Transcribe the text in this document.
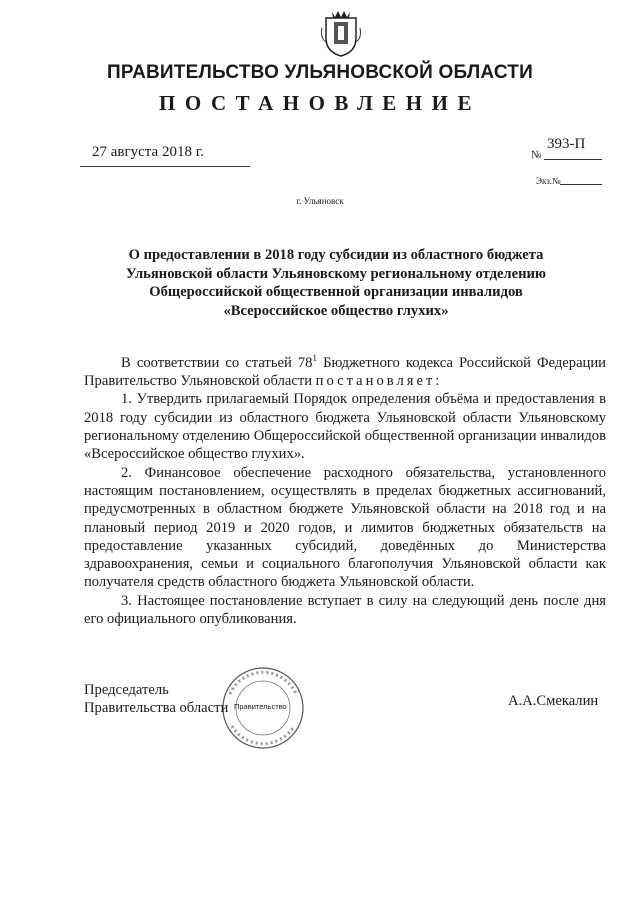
ПРАВИТЕЛЬСТВО УЛЬЯНОВСКОЙ ОБЛАСТИ
ПОСТАНОВЛЕНИЕ
27 августа 2018 г.	№
393-П
Экз.№
г. Ульяновск
О предоставлении в 2018 году субсидии из областного бюджета
Ульяновской области Ульяновскому региональному отделению
Общероссийской общественной организации инвалидов
«Всероссийское общество глухих»

В соответствии со статьей $78^1$ Бюджетного кодекса Российской Федерации Правительство Ульяновской области постановляет:

1. Утвердить прилагаемый Порядок определения объёма и предоставления в 2018 году субсидии из областного бюджета Ульяновской области Ульяновскому региональному отделению Общероссийской общественной организации инвалидов «Всероссийское общество глухих».

2. Финансовое обеспечение расходного обязательства, установленного настоящим постановлением, осуществлять в пределах бюджетных ассигнований, предусмотренных в областном бюджете Ульяновской области на 2018 год и на плановый период 2019 и 2020 годов, и лимитов бюджетных обязательств на предоставление указанных субсидий, доведённых до Министерства здравоохранения, семьи и социального благополучия Ульяновской области как получателя средств областного бюджета Ульяновской области.

3. Настоящее постановление вступает в силу на следующий день после дня его официального опубликования.

Правительство
Председатель
Правительства области	А.А.Смекалин
